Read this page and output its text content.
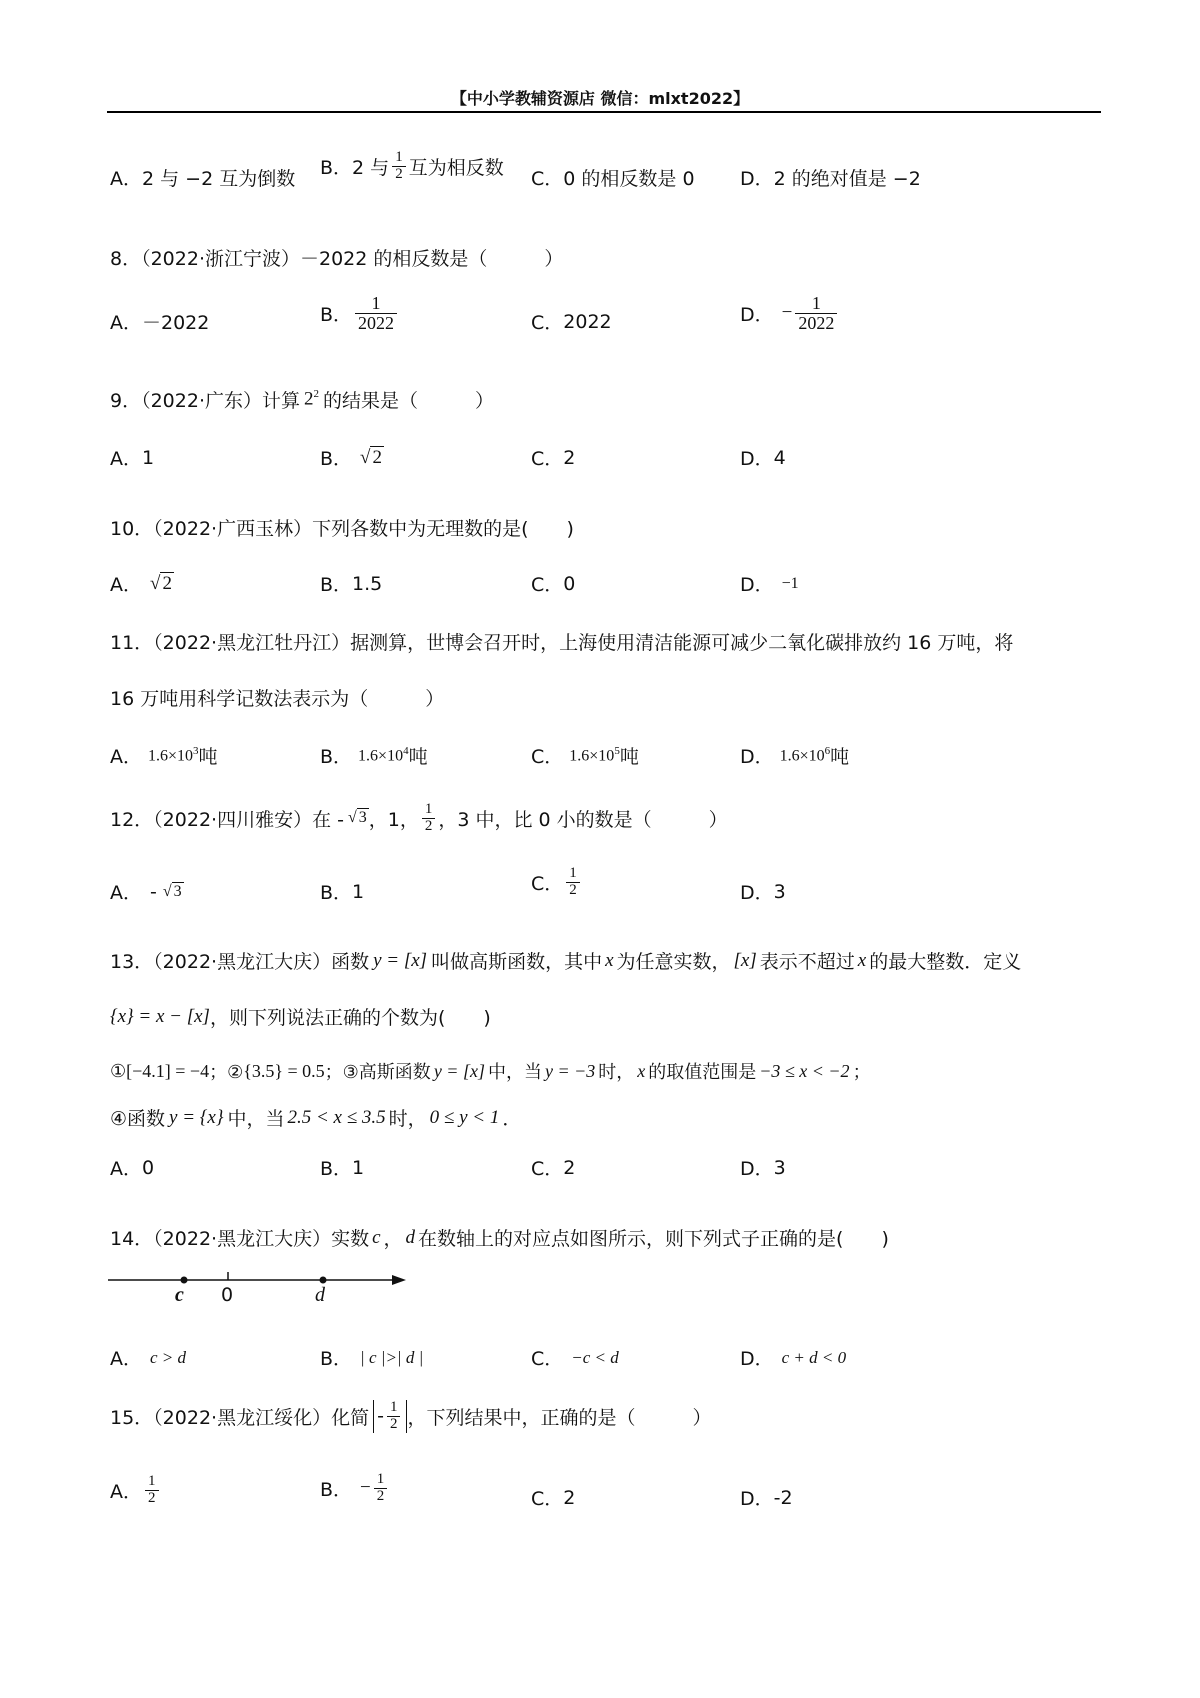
【中小学教辅资源店 微信：mlxt2022】
A． 2 与 −2 互为倒数
B． 2 与 $\frac{1}{2}$ 互为相反数
C． 0 的相反数是 0 D． 2 的绝对值是 −2
8．（2022·浙江宁波）－2022 的相反数是（　　　）
A． －2022	B． $\frac{1}{2022}$	C． 2022	D． − $\frac{1}{2022}$
9．（2022·广东）计算 $2^2$ 的结果是（　　　）
A． 1	B． √ 2	C． 2	D． 4
10．（2022·广西玉林）下列各数中为无理数的是(　　)
A． √ 2	B． 1.5	C． 0	D． −1
11．（2022·黑龙江牡丹江）据测算，世博会召开时，上海使用清洁能源可减少二氧化碳排放约 16 万吨，将
16 万吨用科学记数法表示为（　　　）
A． $1.6\times 10^3$ 吨	B． $1.6\times 10^4$ 吨	C． $1.6\times 10^5$ 吨	D． $1.6\times 10^6$ 吨
12．（2022·四川雅安）在 - √ 3 ，1， $\frac{1}{2}$ ，3 中，比 0 小的数是（　　　）
A． - √ 3	B． 1	C． $\frac{1}{2}$	D． 3
13．（2022·黑龙江大庆）函数 y = [x] 叫做高斯函数，其中 x 为任意实数， [x] 表示不超过 x 的最大整数．定义
{x} = x − [x] ，则下列说法正确的个数为(　　)
① [−4.1] = −4 ；② {3.5} = 0.5 ；③高斯函数 y = [x] 中，当 y = −3 时， x 的取值范围是 −3 ≤ x < −2 ；
④函数 y = {x} 中，当 2.5 < x ≤ 3.5 时， 0 ≤ y < 1 ．
A． 0	B． 1	C． 2	D． 3
14．（2022·黑龙江大庆）实数 c ， d 在数轴上的对应点如图所示，则下列式子正确的是(　　)
c 0	d
A． c > d	B． | c |>| d |	C． −c < d	D． c + d < 0
15．（2022·黑龙江绥化）化简 - $\frac{1}{2}$ ，下列结果中，正确的是（　　　）
A． $\frac{1}{2}$	B． − $\frac{1}{2}$	C． 2	D． -2
